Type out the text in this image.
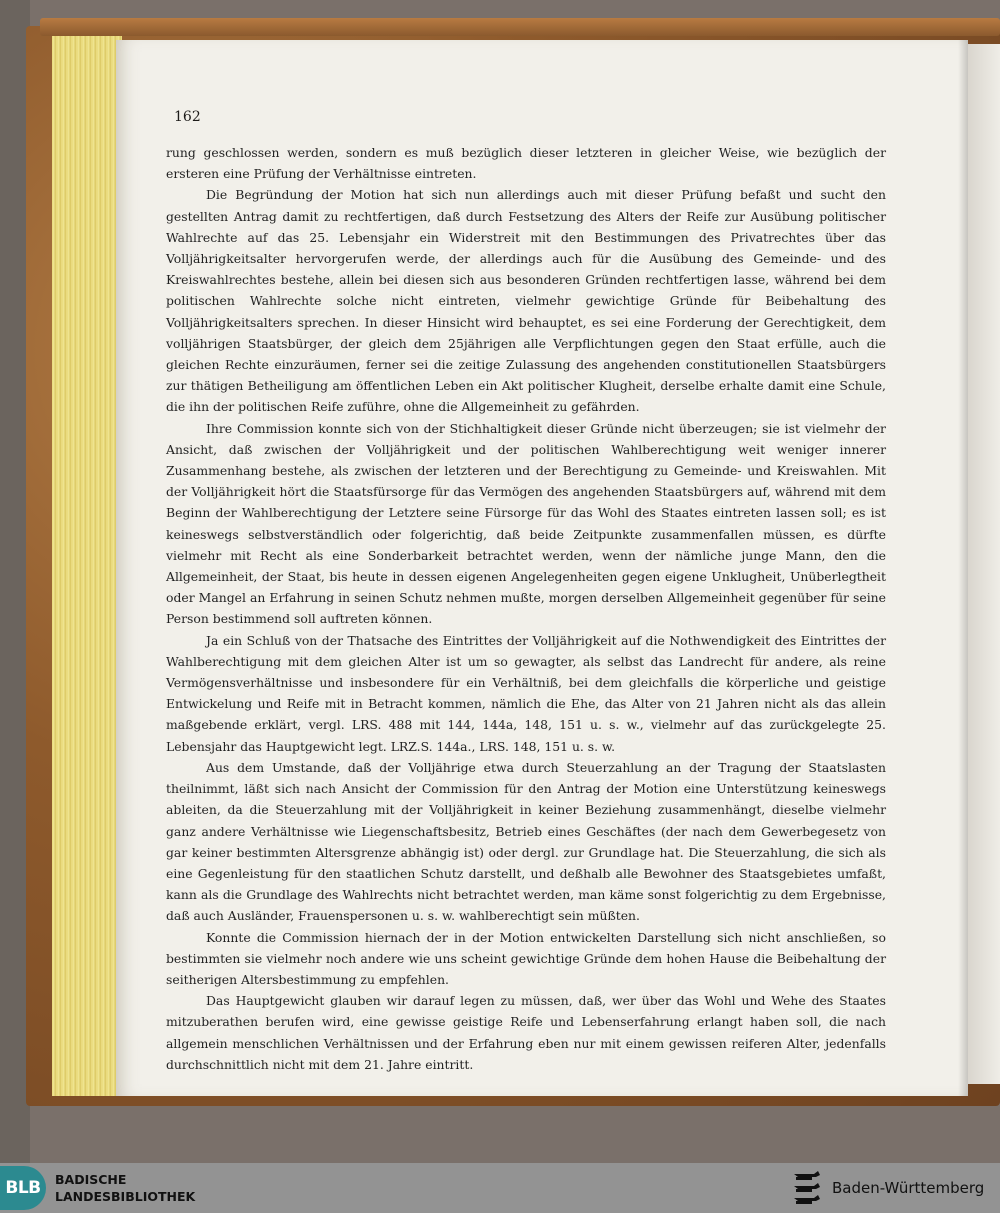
162

rung geschlossen werden, sondern es muß bezüglich dieser letzteren in gleicher Weise, wie bezüglich der ersteren eine Prüfung der Verhältnisse eintreten.

Die Begründung der Motion hat sich nun allerdings auch mit dieser Prüfung befaßt und sucht den gestellten Antrag damit zu rechtfertigen, daß durch Festsetzung des Alters der Reife zur Ausübung politischer Wahlrechte auf das 25. Lebensjahr ein Widerstreit mit den Bestimmungen des Privatrechtes über das Volljährigkeitsalter hervorgerufen werde, der allerdings auch für die Ausübung des Gemeinde- und des Kreiswahlrechtes bestehe, allein bei diesen sich aus besonderen Gründen rechtfertigen lasse, während bei dem politischen Wahlrechte solche nicht eintreten, vielmehr gewichtige Gründe für Beibehaltung des Volljährigkeitsalters sprechen. In dieser Hinsicht wird behauptet, es sei eine Forderung der Gerechtigkeit, dem volljährigen Staatsbürger, der gleich dem 25jährigen alle Verpflichtungen gegen den Staat erfülle, auch die gleichen Rechte einzuräumen, ferner sei die zeitige Zulassung des angehenden constitutionellen Staatsbürgers zur thätigen Betheiligung am öffentlichen Leben ein Akt politischer Klugheit, derselbe erhalte damit eine Schule, die ihn der politischen Reife zuführe, ohne die Allgemeinheit zu gefährden.

Ihre Commission konnte sich von der Stichhaltigkeit dieser Gründe nicht überzeugen; sie ist vielmehr der Ansicht, daß zwischen der Volljährigkeit und der politischen Wahlberechtigung weit weniger innerer Zusammenhang bestehe, als zwischen der letzteren und der Berechtigung zu Gemeinde- und Kreiswahlen. Mit der Volljährigkeit hört die Staatsfürsorge für das Vermögen des angehenden Staatsbürgers auf, während mit dem Beginn der Wahlberechtigung der Letztere seine Fürsorge für das Wohl des Staates eintreten lassen soll; es ist keineswegs selbstverständlich oder folgerichtig, daß beide Zeitpunkte zusammenfallen müssen, es dürfte vielmehr mit Recht als eine Sonderbarkeit betrachtet werden, wenn der nämliche junge Mann, den die Allgemeinheit, der Staat, bis heute in dessen eigenen Angelegenheiten gegen eigene Unklugheit, Unüberlegtheit oder Mangel an Erfahrung in seinen Schutz nehmen mußte, morgen derselben Allgemeinheit gegenüber für seine Person bestimmend soll auftreten können.

Ja ein Schluß von der Thatsache des Eintrittes der Volljährigkeit auf die Nothwendigkeit des Eintrittes der Wahlberechtigung mit dem gleichen Alter ist um so gewagter, als selbst das Landrecht für andere, als reine Vermögensverhältnisse und insbesondere für ein Verhältniß, bei dem gleichfalls die körperliche und geistige Entwickelung und Reife mit in Betracht kommen, nämlich die Ehe, das Alter von 21 Jahren nicht als das allein maßgebende erklärt, vergl. LRS. 488 mit 144, 144a, 148, 151 u. s. w., vielmehr auf das zurückgelegte 25. Lebensjahr das Hauptgewicht legt. LRZ.S. 144a., LRS. 148, 151 u. s. w.

Aus dem Umstande, daß der Volljährige etwa durch Steuerzahlung an der Tragung der Staatslasten theilnimmt, läßt sich nach Ansicht der Commission für den Antrag der Motion eine Unterstützung keineswegs ableiten, da die Steuerzahlung mit der Volljährigkeit in keiner Beziehung zusammenhängt, dieselbe vielmehr ganz andere Verhältnisse wie Liegenschaftsbesitz, Betrieb eines Geschäftes (der nach dem Gewerbegesetz von gar keiner bestimmten Altersgrenze abhängig ist) oder dergl. zur Grundlage hat. Die Steuerzahlung, die sich als eine Gegenleistung für den staatlichen Schutz darstellt, und deßhalb alle Bewohner des Staatsgebietes umfaßt, kann als die Grundlage des Wahlrechts nicht betrachtet werden, man käme sonst folgerichtig zu dem Ergebnisse, daß auch Ausländer, Frauenspersonen u. s. w. wahlberechtigt sein müßten.

Konnte die Commission hiernach der in der Motion entwickelten Darstellung sich nicht anschließen, so bestimmten sie vielmehr noch andere wie uns scheint gewichtige Gründe dem hohen Hause die Beibehaltung der seitherigen Altersbestimmung zu empfehlen.

Das Hauptgewicht glauben wir darauf legen zu müssen, daß, wer über das Wohl und Wehe des Staates mitzuberathen berufen wird, eine gewisse geistige Reife und Lebenserfahrung erlangt haben soll, die nach allgemein menschlichen Verhältnissen und der Erfahrung eben nur mit einem gewissen reiferen Alter, jedenfalls durchschnittlich nicht mit dem 21. Jahre eintritt.

BLB	BADISCHE
LANDESBIBLIOTHEK	Baden-Württemberg
